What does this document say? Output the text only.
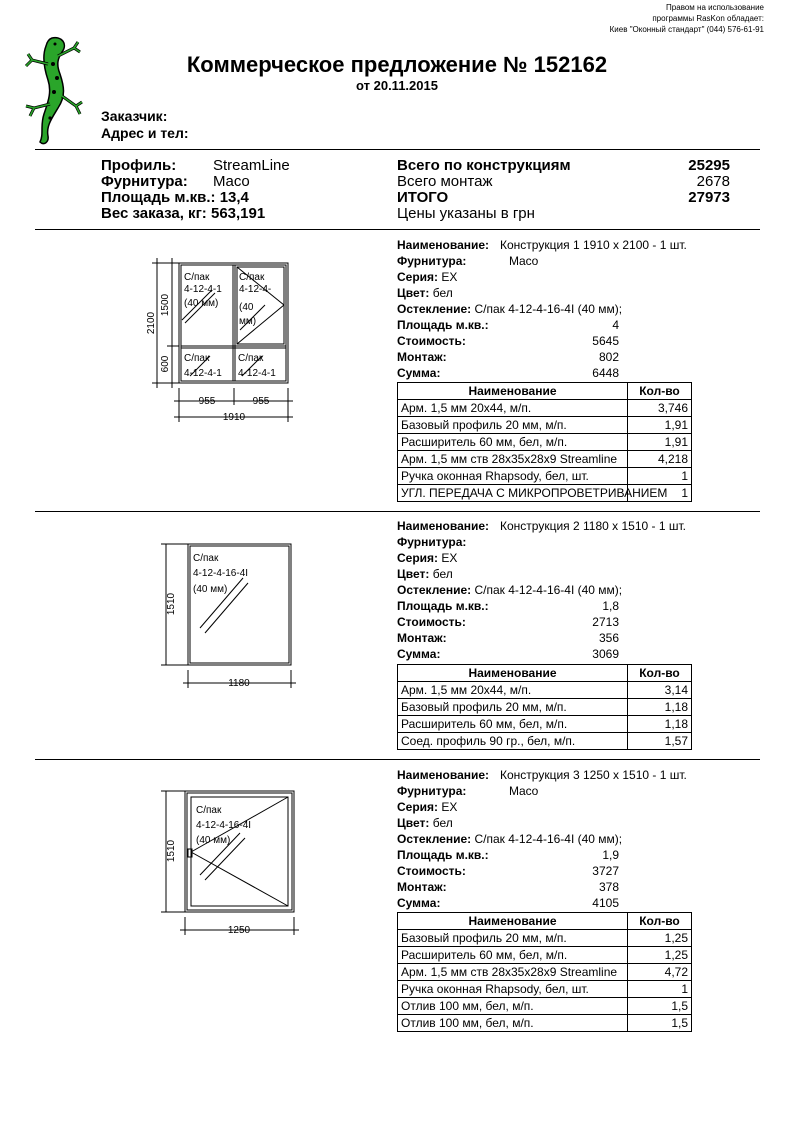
Правом на использование
программы RasKon обладает:
Киев "Оконный стандарт" (044) 576-61-91
Коммерческое предложение № 152162
от 20.11.2015
Заказчик:
Адрес и тел:
Профиль: StreamLine
Фурнитура: Maco
Площадь м.кв.: 13,4
Вес заказа, кг: 563,191
Всего по конструкциям	25295
Всего монтаж	2678
ИТОГО	27973
Цены указаны в грн
2100
1500
600
955	955
1910
С/пак
4-12-4-1
(40 мм)
С/пак
4-12-4-
(40
мм)
С/пак
4-12-4-1
С/пак
4-12-4-1
Наименование: Конструкция 1 1910 x 2100 - 1 шт.
Фурнитура:	Maco
Серия: EX
Цвет: бел
Остекление: С/пак 4-12-4-16-4I (40 мм);
Площадь м.кв.:	4
Стоимость:	5645
Монтаж:	802
Сумма:	6448
Наименование	Кол-во
Арм. 1,5 мм 20x44, м/п.	3,746
Базовый профиль 20 мм, м/п.	1,91
Расширитель 60 мм, бел, м/п.	1,91
Арм. 1,5 мм ств 28x35x28x9 Streamline	4,218
Ручка оконная Rhapsody, бел, шт.	1
УГЛ. ПЕРЕДАЧА С МИКРОПРОВЕТРИВАНИЕМ	1
1510
1180
С/пак
4-12-4-16-4I
(40 мм)
Наименование: Конструкция 2 1180 x 1510 - 1 шт.
Фурнитура:
Серия: EX
Цвет: бел
Остекление: С/пак 4-12-4-16-4I (40 мм);
Площадь м.кв.:	1,8
Стоимость:	2713
Монтаж:	356
Сумма:	3069
Наименование	Кол-во
Арм. 1,5 мм 20x44, м/п.	3,14
Базовый профиль 20 мм, м/п.	1,18
Расширитель 60 мм, бел, м/п.	1,18
Соед. профиль 90 гр., бел, м/п.	1,57
1510
1250
С/пак
4-12-4-16-4I
(40 мм)
Наименование: Конструкция 3 1250 x 1510 - 1 шт.
Фурнитура:	Maco
Серия: EX
Цвет: бел
Остекление: С/пак 4-12-4-16-4I (40 мм);
Площадь м.кв.:	1,9
Стоимость:	3727
Монтаж:	378
Сумма:	4105
Наименование	Кол-во
Базовый профиль 20 мм, м/п.	1,25
Расширитель 60 мм, бел, м/п.	1,25
Арм. 1,5 мм ств 28x35x28x9 Streamline	4,72
Ручка оконная Rhapsody, бел, шт.	1
Отлив 100 мм, бел, м/п.	1,5
Отлив 100 мм, бел, м/п.	1,5
